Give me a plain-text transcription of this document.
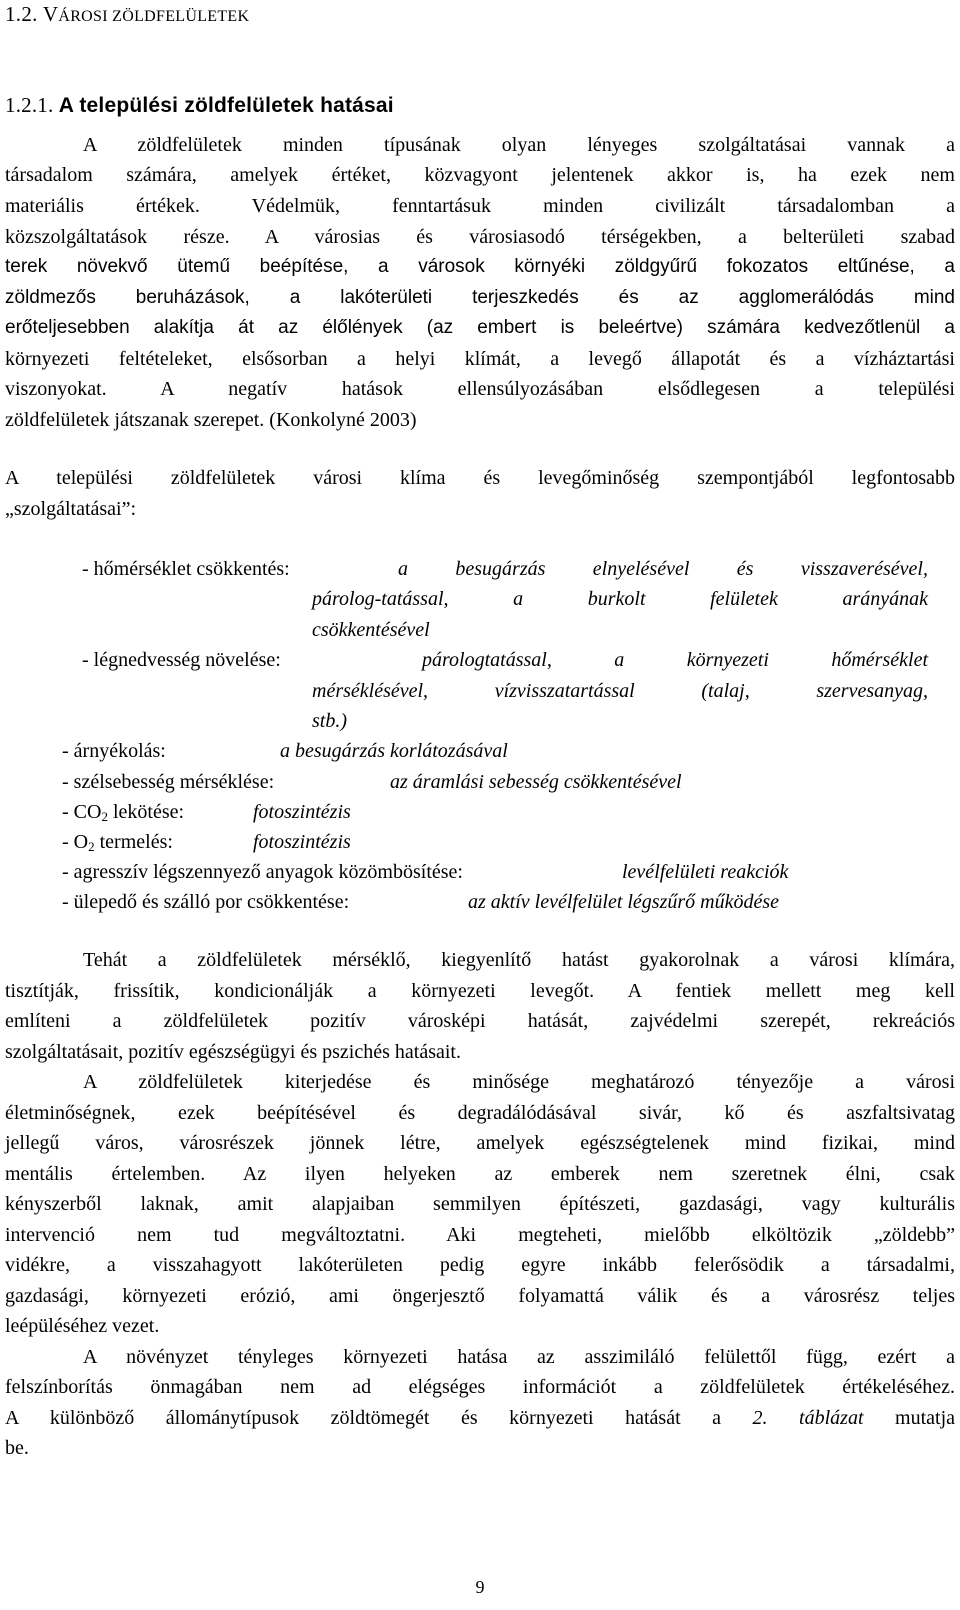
1.2. VÁROSI ZÖLDFELÜLETEK
1.2.1. A települési zöldfelületek hatásai
A zöldfelületek minden típusának olyan lényeges szolgáltatásai vannak a
társadalom számára, amelyek értéket, közvagyont jelentenek akkor is, ha ezek nem
materiális értékek. Védelmük, fenntartásuk minden civilizált társadalomban a
közszolgáltatások része. A városias és városiasodó térségekben, a belterületi szabad
terek növekvő ütemű beépítése, a városok környéki zöldgyűrű fokozatos eltűnése, a
zöldmezős beruházások, a lakóterületi terjeszkedés és az agglomerálódás mind
erőteljesebben alakítja át az élőlények (az embert is beleértve) számára kedvezőtlenül a
környezeti feltételeket, elsősorban a helyi klímát, a levegő állapotát és a vízháztartási
viszonyokat. A negatív hatások ellensúlyozásában elsődlegesen a települési
zöldfelületek játszanak szerepet. (Konkolyné 2003)
A települési zöldfelületek városi klíma és levegőminőség szempontjából legfontosabb
„szolgáltatásai”:
- hőmérséklet csökkentés:	a besugárzás elnyelésével és visszaverésével,
párolog-tatással, a burkolt felületek arányának
csökkentésével
- légnedvesség növelése:	párologtatással, a környezeti hőmérséklet
mérséklésével, vízvisszatartással (talaj, szervesanyag,
stb.)
- árnyékolás:	a besugárzás korlátozásával
- szélsebesség mérséklése:	az áramlási sebesség csökkentésével
- $CO_2$ lekötése:	fotoszintézis
- $O_2$ termelés:	fotoszintézis
- agresszív légszennyező anyagok közömbösítése:	levélfelületi reakciók
- ülepedő és szálló por csökkentése:	az aktív levélfelület légszűrő működése
Tehát a zöldfelületek mérséklő, kiegyenlítő hatást gyakorolnak a városi klímára,
tisztítják, frissítik, kondicionálják a környezeti levegőt. A fentiek mellett meg kell
említeni a zöldfelületek pozitív városképi hatását, zajvédelmi szerepét, rekreációs
szolgáltatásait, pozitív egészségügyi és pszichés hatásait.
A zöldfelületek kiterjedése és minősége meghatározó tényezője a városi
életminőségnek, ezek beépítésével és degradálódásával sivár, kő és aszfaltsivatag
jellegű város, városrészek jönnek létre, amelyek egészségtelenek mind fizikai, mind
mentális értelemben. Az ilyen helyeken az emberek nem szeretnek élni, csak
kényszerből laknak, amit alapjaiban semmilyen építészeti, gazdasági, vagy kulturális
intervenció nem tud megváltoztatni. Aki megteheti, mielőbb elköltözik „zöldebb”
vidékre, a visszahagyott lakóterületen pedig egyre inkább felerősödik a társadalmi,
gazdasági, környezeti erózió, ami öngerjesztő folyamattá válik és a városrész teljes
leépüléséhez vezet.
A növényzet tényleges környezeti hatása az asszimiláló felülettől függ, ezért a
felszínborítás önmagában nem ad elégséges információt a zöldfelületek értékeléséhez.
A különböző állománytípusok zöldtömegét és környezeti hatását a 2. táblázat mutatja
be.
9
